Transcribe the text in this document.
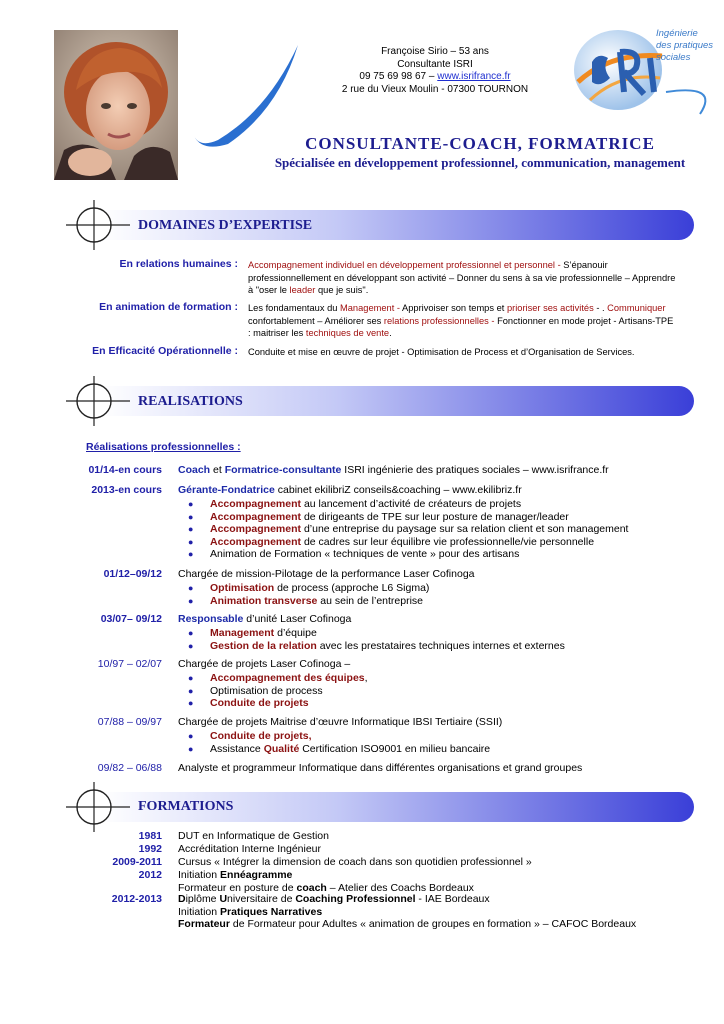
Françoise Sirio – 53 ans
Consultante ISRI
09 75 69 98 67 – www.isrifrance.fr
2 rue du Vieux Moulin - 07300 TOURNON
Ingénierie
des pratiques
sociales
CONSULTANTE-COACH, FORMATRICE
Spécialisée en développement professionnel, communication, management
DOMAINES D’EXPERTISE
REALISATIONS
FORMATIONS
En relations humaines : Accompagnement individuel en développement professionnel et personnel - S’épanouir professionnellement en développant son activité – Donner du sens à sa vie professionnelle – Apprendre à "oser le leader que je suis".
En animation de formation : Les fondamentaux du Management - Apprivoiser son temps et prioriser ses activités - . Communiquer confortablement – Améliorer ses relations professionnelles - Fonctionner en mode projet - Artisans-TPE : maitriser les techniques de vente.
En Efficacité Opérationnelle : Conduite et mise en œuvre de projet - Optimisation de Process et d’Organisation de Services.
Réalisations professionnelles :
01/14-en cours Coach et Formatrice-consultante ISRI ingénierie des pratiques sociales – www.isrifrance.fr
2013-en cours Gérante-Fondatrice cabinet ekilibriZ conseils&coaching – www.ekilibriz.fr
● Accompagnement au lancement d’activité de créateurs de projets
● Accompagnement de dirigeants de TPE sur leur posture de manager/leader
● Accompagnement d’une entreprise du paysage sur sa relation client et son management
● Accompagnement de cadres sur leur équilibre vie professionnelle/vie personnelle
● Animation de Formation « techniques de vente » pour des artisans
01/12–09/12 Chargée de mission-Pilotage de la performance Laser Cofinoga
● Optimisation de process (approche L6 Sigma)
● Animation transverse au sein de l’entreprise
03/07– 09/12 Responsable d’unité Laser Cofinoga
● Management d’équipe
● Gestion de la relation avec les prestataires techniques internes et externes
10/97 – 02/07 Chargée de projets Laser Cofinoga –
● Accompagnement des équipes,
● Optimisation de process
● Conduite de projets
07/88 – 09/97 Chargée de projets Maitrise d’œuvre Informatique IBSI Tertiaire (SSII)
● Conduite de projets,
● Assistance Qualité Certification ISO9001 en milieu bancaire
09/82 – 06/88 Analyste et programmeur Informatique dans différentes organisations et grand groupes
1981 DUT en Informatique de Gestion
1992 Accréditation Interne Ingénieur
2009-2011 Cursus « Intégrer la dimension de coach dans son quotidien professionnel »
2012 Initiation Ennéagramme
Formateur en posture de coach – Atelier des Coachs Bordeaux
2012-2013 Diplôme Universitaire de Coaching Professionnel - IAE Bordeaux
Initiation Pratiques Narratives
Formateur de Formateur pour Adultes « animation de groupes en formation » – CAFOC Bordeaux
